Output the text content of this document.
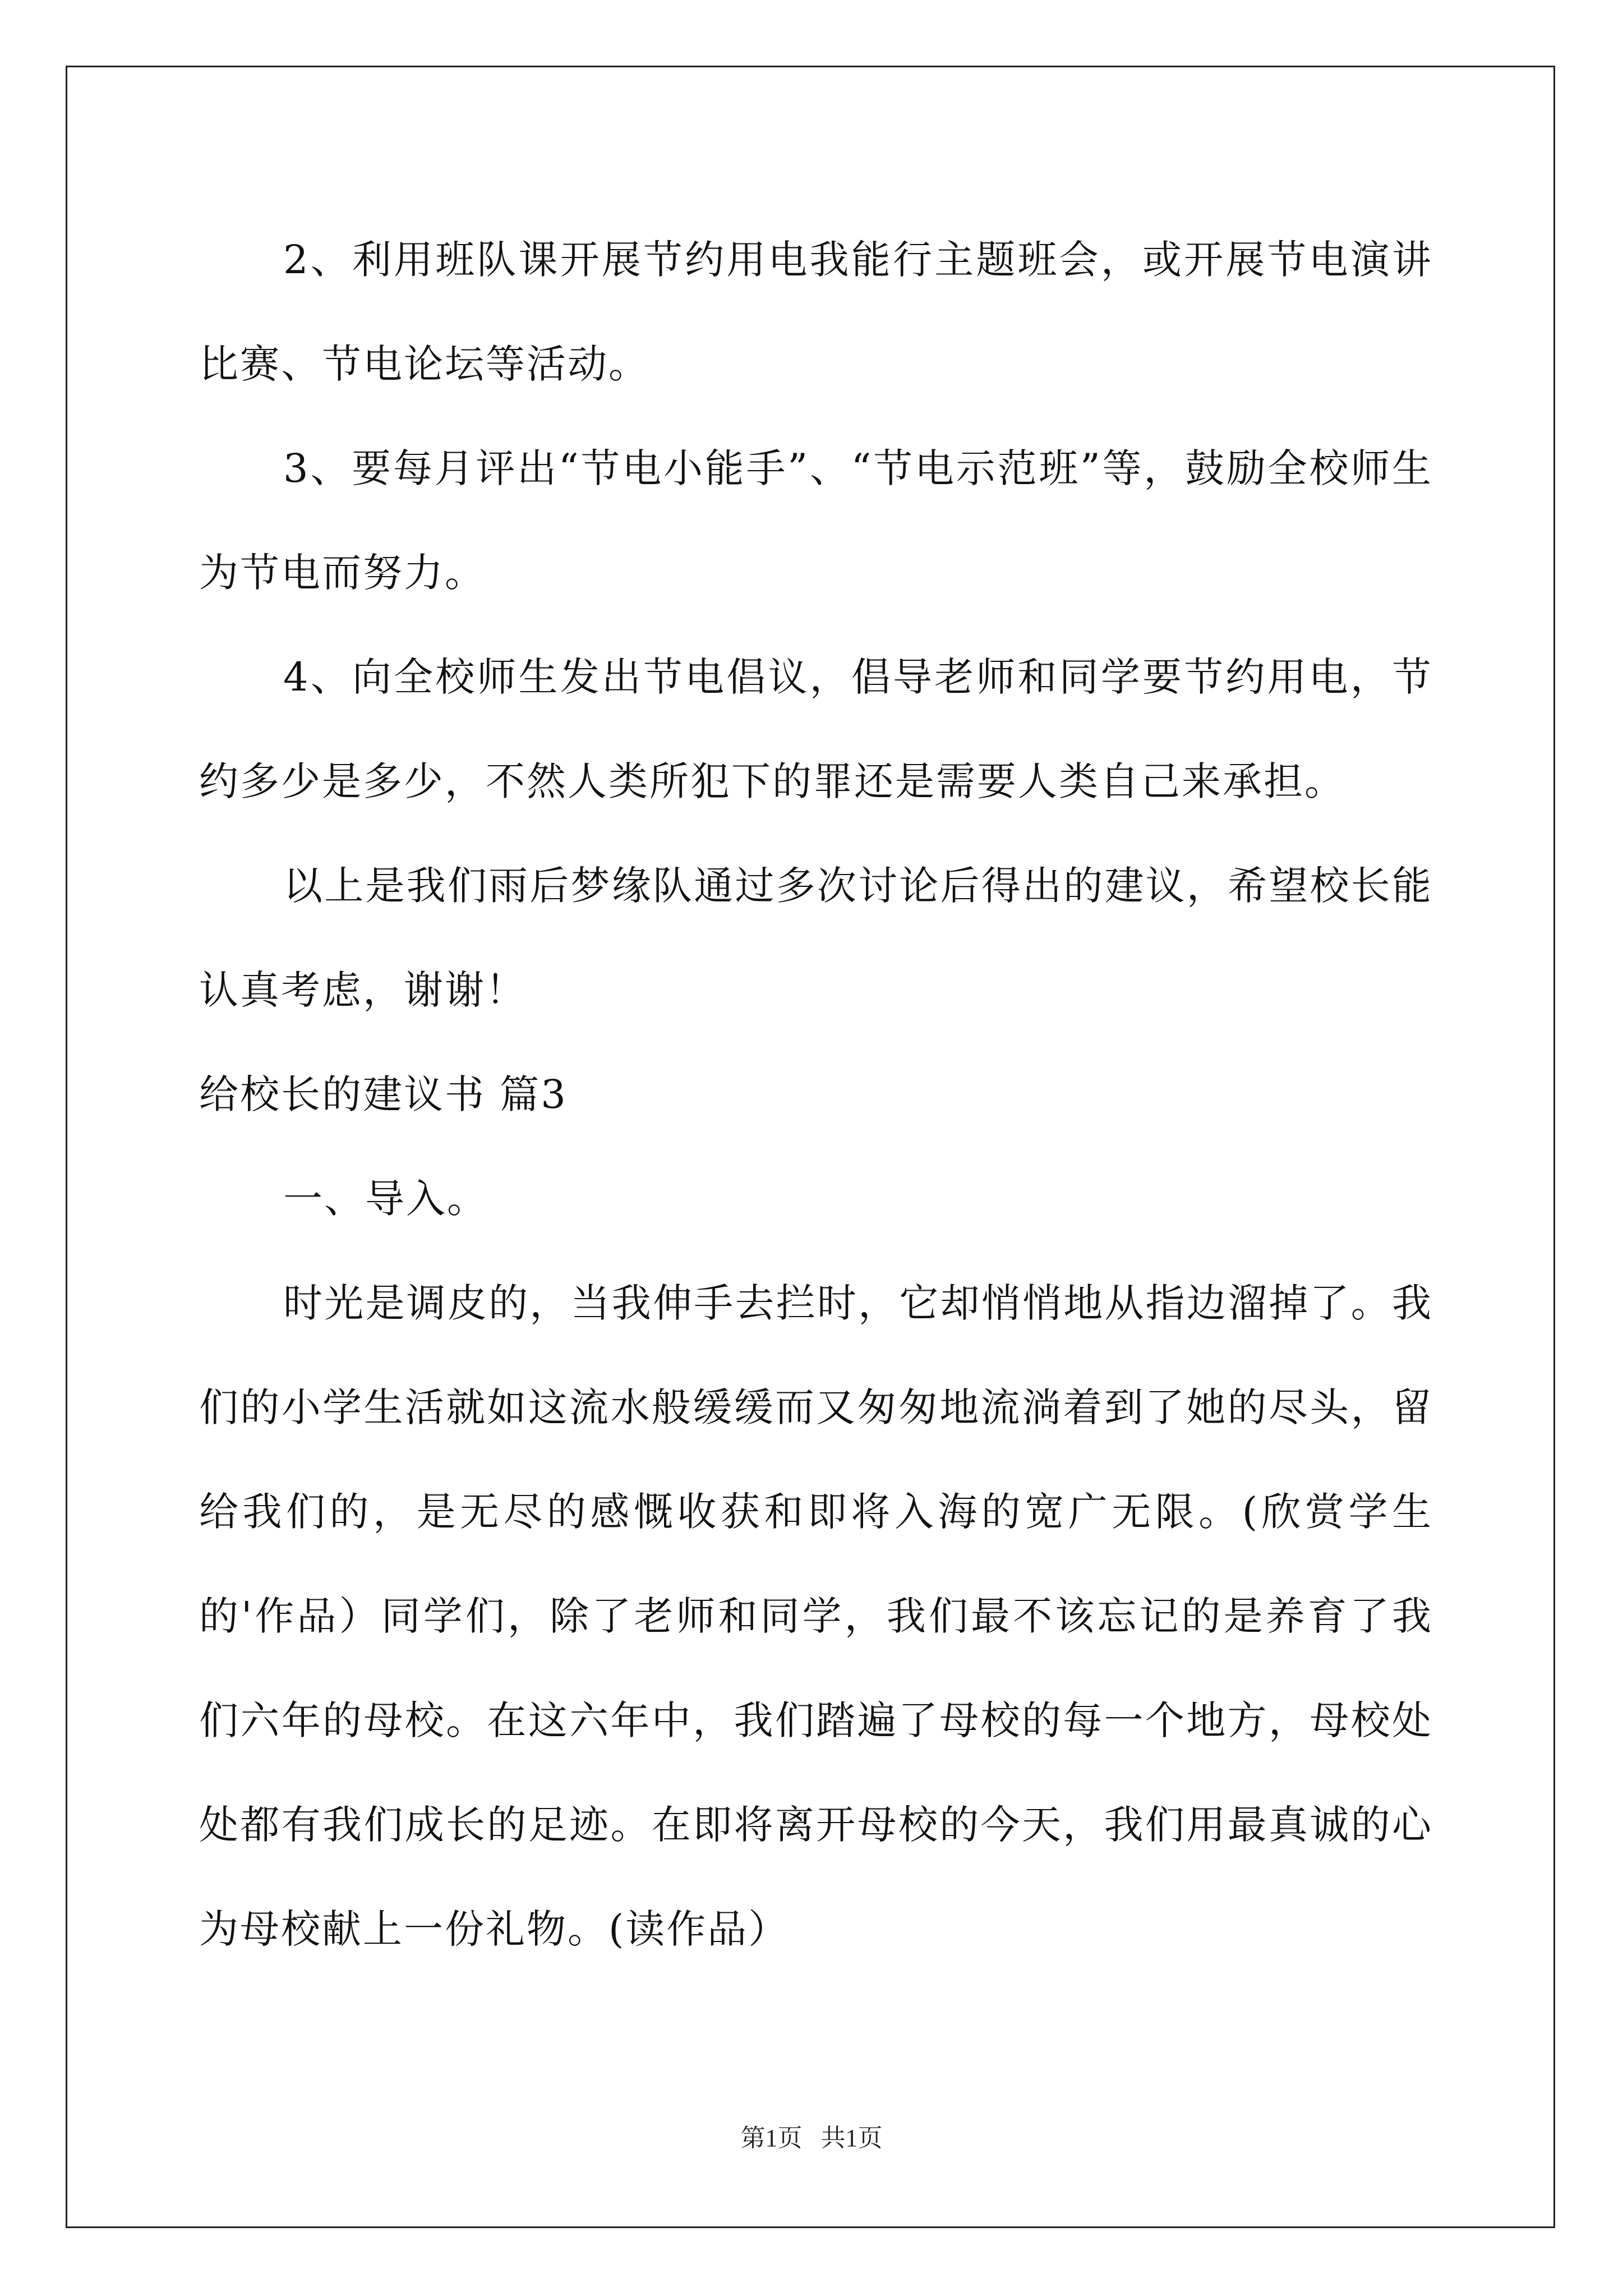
2、利用班队课开展节约用电我能行主题班会，或开展节电演讲比赛、节电论坛等活动。

3、要每月评出“节电小能手”、“节电示范班”等，鼓励全校师生为节电而努力。

4、向全校师生发出节电倡议，倡导老师和同学要节约用电，节约多少是多少，不然人类所犯下的罪还是需要人类自己来承担。

以上是我们雨后梦缘队通过多次讨论后得出的建议，希望校长能认真考虑，谢谢！

给校长的建议书 篇3

一、导入。

时光是调皮的，当我伸手去拦时，它却悄悄地从指边溜掉了。我们的小学生活就如这流水般缓缓而又匆匆地流淌着到了她的尽头，留给我们的，是无尽的感慨收获和即将入海的宽广无限。(欣赏学生的'作品）同学们，除了老师和同学，我们最不该忘记的是养育了我们六年的母校。在这六年中，我们踏遍了母校的每一个地方，母校处处都有我们成长的足迹。在即将离开母校的今天，我们用最真诚的心为母校献上一份礼物。(读作品）

第1页   共1页
